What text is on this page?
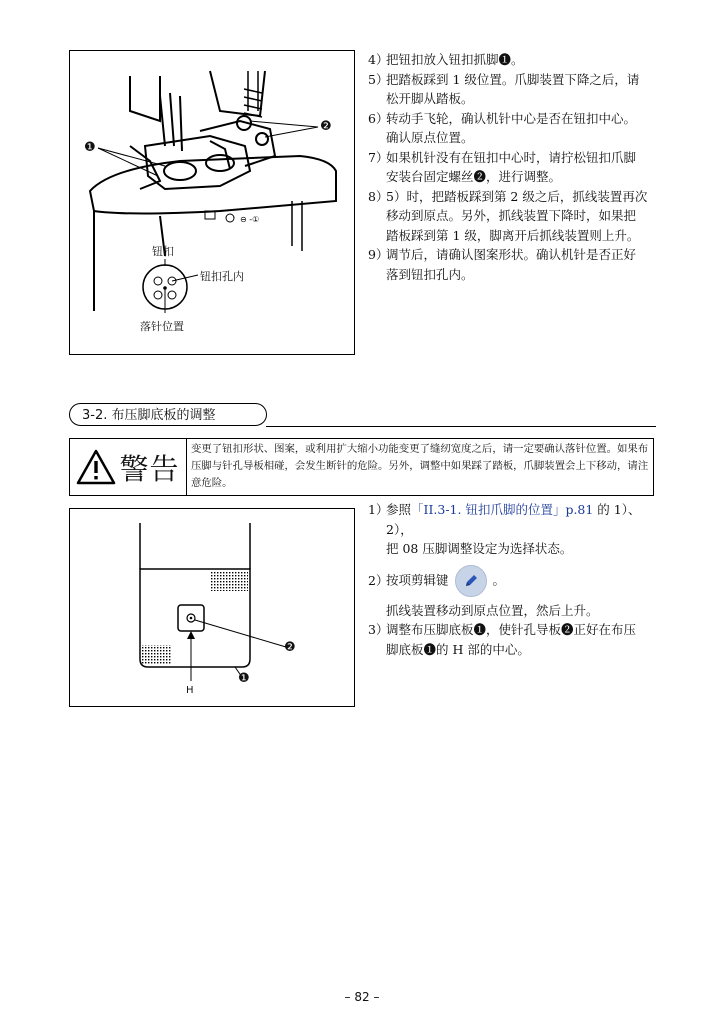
⊖ -①
❶
❷
钮扣
钮扣孔内
落针位置
4）
把钮扣放入钮扣抓脚❶。
5）
把踏板踩到 1 级位置。爪脚装置下降之后，请
松开脚从踏板。
6）
转动手飞轮，确认机针中心是否在钮扣中心。
确认原点位置。
7）
如果机针没有在钮扣中心时，请拧松钮扣爪脚
安装台固定螺丝❷，进行调整。
8）
5）时，把踏板踩到第 2 级之后，抓线装置再次
移动到原点。另外，抓线装置下降时，如果把
踏板踩到第 1 级，脚离开后抓线装置则上升。
9）
调节后，请确认图案形状。确认机针是否正好
落到钮扣孔内。
3-2. 布压脚底板的调整
警告
变更了钮扣形状、图案，或利用扩大缩小功能变更了缝纫宽度之后，请一定要确认落针位置。如果布压脚与针孔导板相碰，会发生断针的危险。另外，调整中如果踩了踏板，爪脚装置会上下移动，请注意危险。
❷
❶
H
1）
参照「II.3-1. 钮扣爪脚的位置」p.81 的 1）、2），
把 08 压脚调整设定为选择状态。
2）
按项剪辑键	。
抓线装置移动到原点位置，然后上升。
3）
调整布压脚底板❶，使针孔导板❷正好在布压
脚底板❶的 H 部的中心。
– 82 –
